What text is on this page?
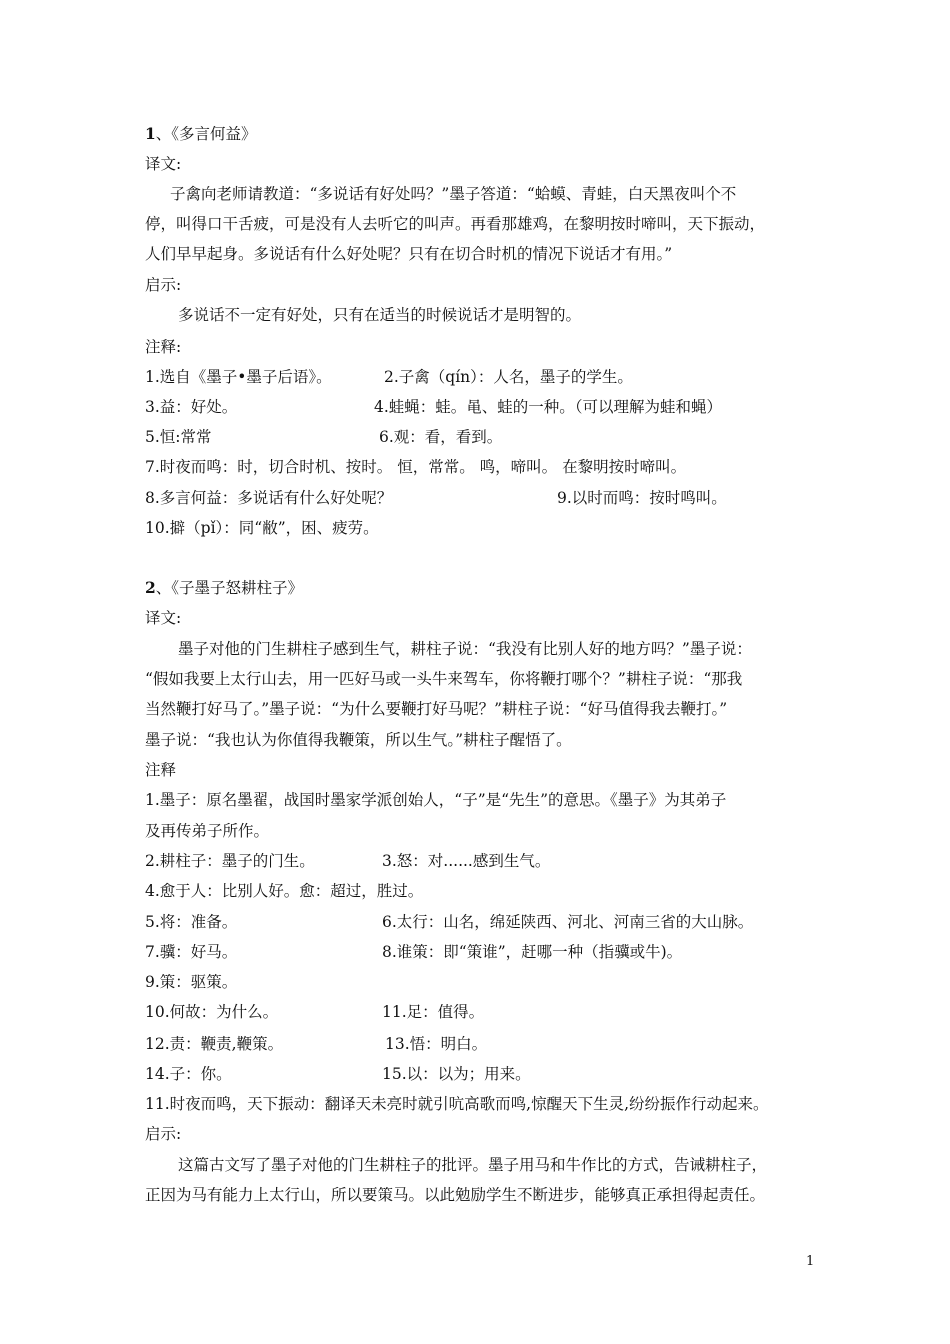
1、《多言何益》
译文:
子禽向老师请教道：“多说话有好处吗？”墨子答道：“蛤蟆、青蛙，白天黑夜叫个不
停，叫得口干舌疲，可是没有人去听它的叫声。再看那雄鸡，在黎明按时啼叫，天下振动，
人们早早起身。多说话有什么好处呢？只有在切合时机的情况下说话才有用。”
启示:
多说话不一定有好处，只有在适当的时候说话才是明智的。
注释:
1.选自《墨子•墨子后语》。	2.子禽（qín）：人名，墨子的学生。
3.益：好处。	4.蛙蝇：蛙。黾、蛙的一种。（可以理解为蛙和蝇）
5.恒:常常	6.观：看，看到。
7.时夜而鸣：时，切合时机、按时。 恒，常常。 鸣，啼叫。 在黎明按时啼叫。
8.多言何益：多说话有什么好处呢？	9.以时而鸣：按时鸣叫。
10.擗（pǐ）：同“敝”，困、疲劳。
2、《子墨子怒耕柱子》
译文:
墨子对他的门生耕柱子感到生气，耕柱子说：“我没有比别人好的地方吗？”墨子说：
“假如我要上太行山去，用一匹好马或一头牛来驾车，你将鞭打哪个？”耕柱子说：“那我
当然鞭打好马了。”墨子说：“为什么要鞭打好马呢？”耕柱子说：“好马值得我去鞭打。”
墨子说：“我也认为你值得我鞭策，所以生气。”耕柱子醒悟了。
注释
1.墨子：原名墨翟，战国时墨家学派创始人，“子”是“先生”的意思。《墨子》为其弟子
及再传弟子所作。
2.耕柱子：墨子的门生。	3.怒：对......感到生气。
4.愈于人：比别人好。愈：超过，胜过。
5.将：准备。	6.太行：山名，绵延陕西、河北、河南三省的大山脉。
7.骥：好马。	8.谁策：即“策谁”，赶哪一种（指骥或牛)。
9.策：驱策。
10.何故：为什么。	11.足：值得。
12.责：鞭责,鞭策。	13.悟：明白。
14.子：你。	15.以：以为；用来。
11.时夜而鸣，天下振动：翻译天未亮时就引吭高歌而鸣,惊醒天下生灵,纷纷振作行动起来。
启示:
这篇古文写了墨子对他的门生耕柱子的批评。墨子用马和牛作比的方式，告诫耕柱子，
正因为马有能力上太行山，所以要策马。以此勉励学生不断进步，能够真正承担得起责任。
1
